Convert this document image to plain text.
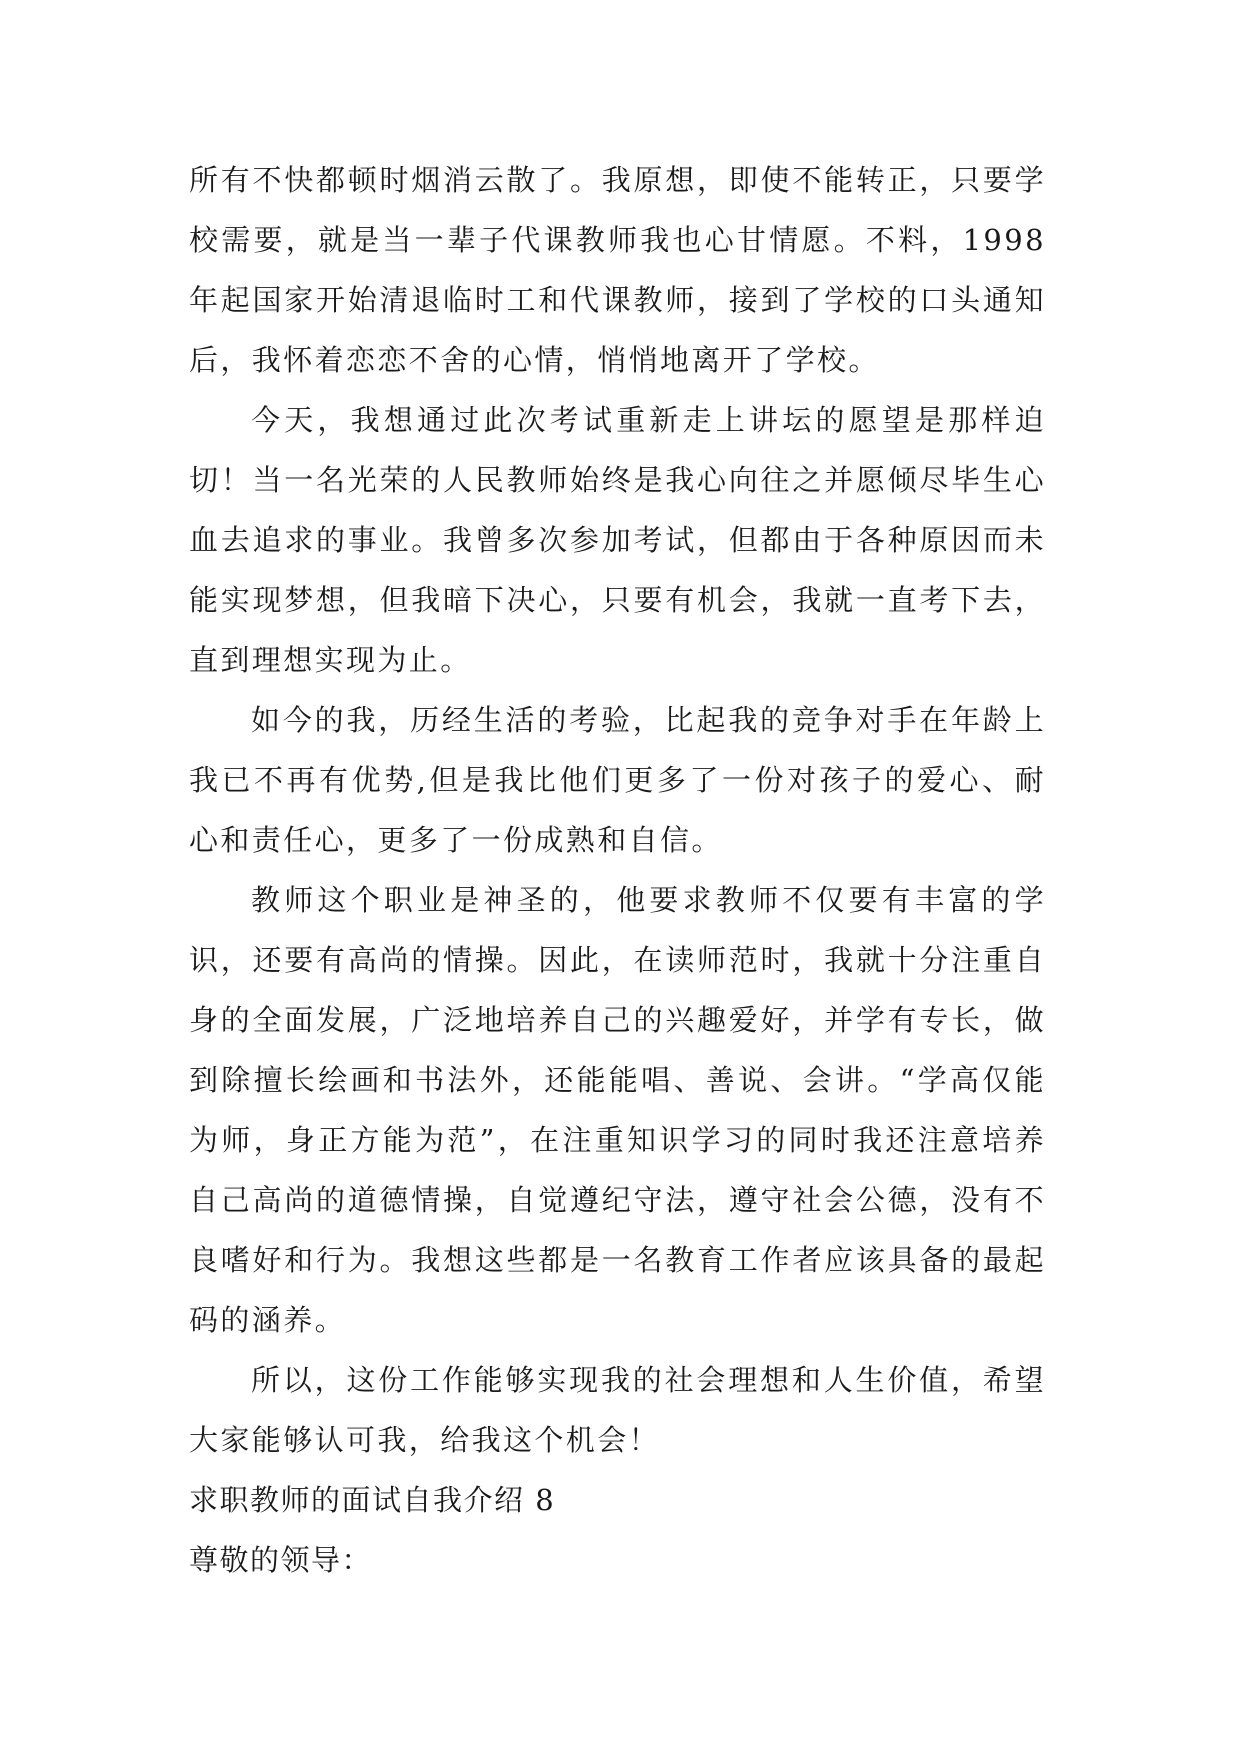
所有不快都顿时烟消云散了。我原想，即使不能转正，只要学校需要，就是当一辈子代课教师我也心甘情愿。不料，1998年起国家开始清退临时工和代课教师，接到了学校的口头通知后，我怀着恋恋不舍的心情，悄悄地离开了学校。

今天，我想通过此次考试重新走上讲坛的愿望是那样迫切！当一名光荣的人民教师始终是我心向往之并愿倾尽毕生心血去追求的事业。我曾多次参加考试，但都由于各种原因而未能实现梦想，但我暗下决心，只要有机会，我就一直考下去，直到理想实现为止。

如今的我，历经生活的考验，比起我的竞争对手在年龄上我已不再有优势,但是我比他们更多了一份对孩子的爱心、耐心和责任心，更多了一份成熟和自信。

教师这个职业是神圣的，他要求教师不仅要有丰富的学识，还要有高尚的情操。因此，在读师范时，我就十分注重自身的全面发展，广泛地培养自己的兴趣爱好，并学有专长，做到除擅长绘画和书法外，还能能唱、善说、会讲。“学高仅能为师，身正方能为范”，在注重知识学习的同时我还注意培养自己高尚的道德情操，自觉遵纪守法，遵守社会公德，没有不良嗜好和行为。我想这些都是一名教育工作者应该具备的最起码的涵养。

所以，这份工作能够实现我的社会理想和人生价值，希望大家能够认可我，给我这个机会！

求职教师的面试自我介绍 8

尊敬的领导：
